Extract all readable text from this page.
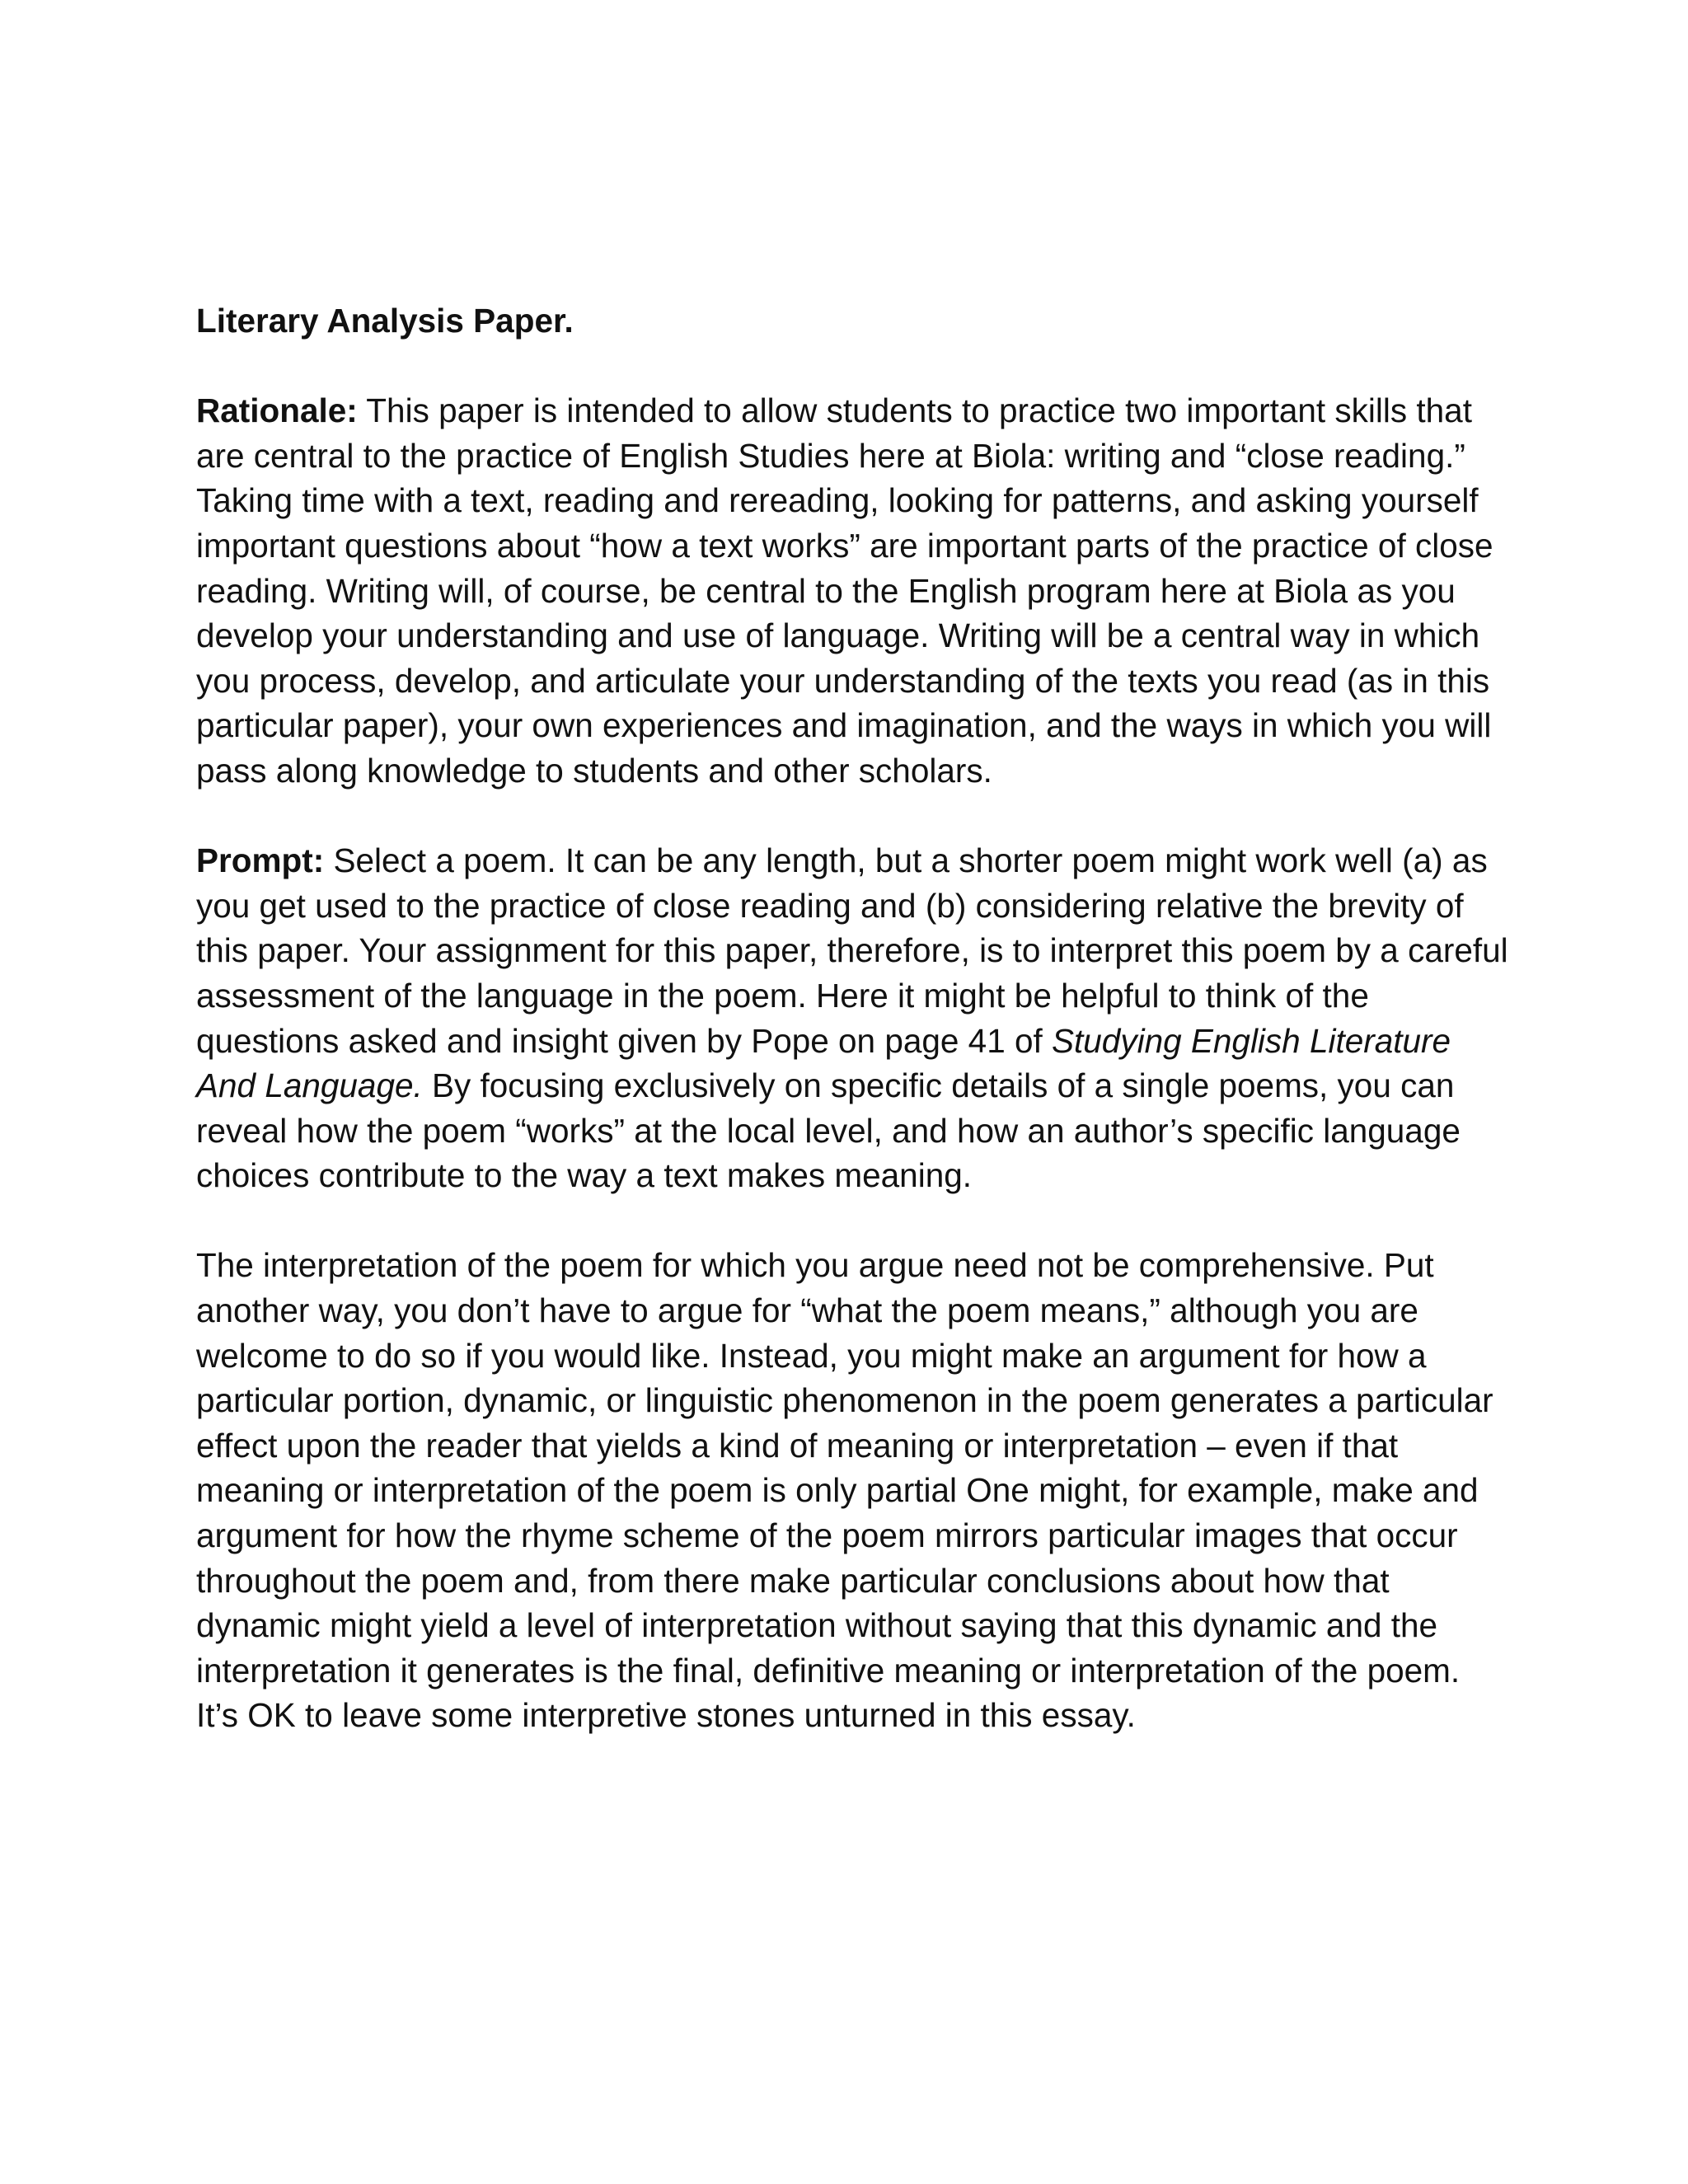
Literary Analysis Paper.
Rationale: This paper is intended to allow students to practice two important skills that
are central to the practice of English Studies here at Biola: writing and “close reading.”
Taking time with a text, reading and rereading, looking for patterns, and asking yourself
important questions about “how a text works” are important parts of the practice of close
reading. Writing will, of course, be central to the English program here at Biola as you
develop your understanding and use of language. Writing will be a central way in which
you process, develop, and articulate your understanding of the texts you read (as in this
particular paper), your own experiences and imagination, and the ways in which you will
pass along knowledge to students and other scholars.
Prompt: Select a poem. It can be any length, but a shorter poem might work well (a) as
you get used to the practice of close reading and (b) considering relative the brevity of
this paper. Your assignment for this paper, therefore, is to interpret this poem by a careful
assessment of the language in the poem. Here it might be helpful to think of the
questions asked and insight given by Pope on page 41 of Studying English Literature
And Language. By focusing exclusively on specific details of a single poems, you can
reveal how the poem “works” at the local level, and how an author’s specific language
choices contribute to the way a text makes meaning.
The interpretation of the poem for which you argue need not be comprehensive. Put
another way, you don’t have to argue for “what the poem means,” although you are
welcome to do so if you would like. Instead, you might make an argument for how a
particular portion, dynamic, or linguistic phenomenon in the poem generates a particular
effect upon the reader that yields a kind of meaning or interpretation – even if that
meaning or interpretation of the poem is only partial One might, for example, make and
argument for how the rhyme scheme of the poem mirrors particular images that occur
throughout the poem and, from there make particular conclusions about how that
dynamic might yield a level of interpretation without saying that this dynamic and the
interpretation it generates is the final, definitive meaning or interpretation of the poem.
It’s OK to leave some interpretive stones unturned in this essay.
